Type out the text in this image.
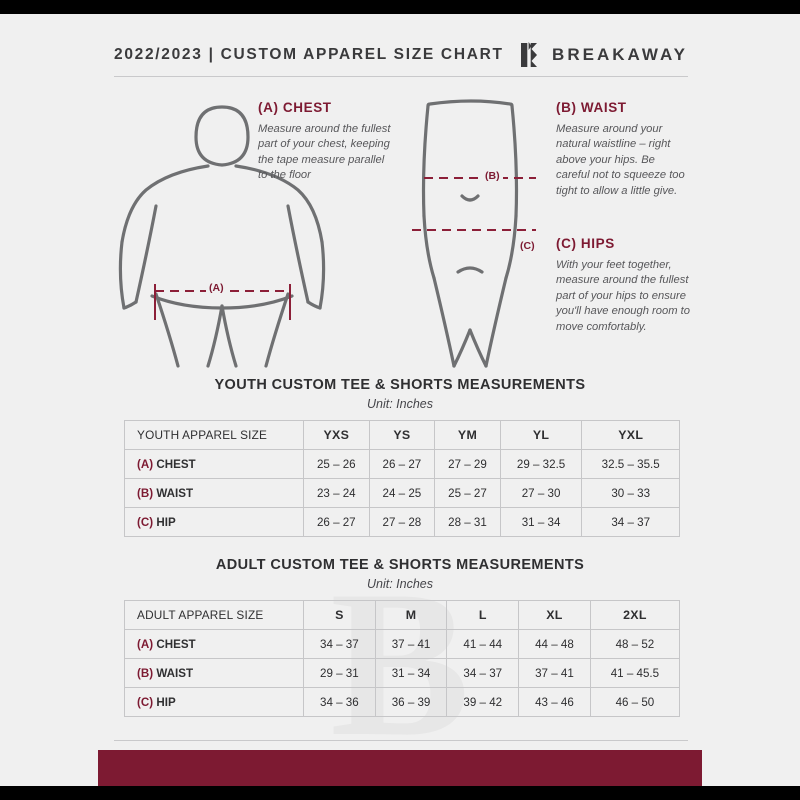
2022/2023 | CUSTOM APPAREL SIZE CHART	BREAKAWAY
(A)
(B)
(C)

(A) CHEST

Measure around the fullest part of your chest, keeping the tape measure parallel to the floor

(B) WAIST

Measure around your natural waistline – right above your hips. Be careful not to squeeze too tight to allow a little give.

(C) HIPS

With your feet together, measure around the fullest part of your hips to ensure you'll have enough room to move comfortably.

YOUTH CUSTOM TEE & SHORTS MEASUREMENTS
Unit: Inches
YOUTH APPAREL SIZE	YXS	YS	YM	YL	YXL
(A) CHEST	25 – 26	26 – 27	27 – 29	29 – 32.5	32.5 – 35.5
(B) WAIST	23 – 24	24 – 25	25 – 27	27 – 30	30 – 33
(C) HIP	26 – 27	27 – 28	28 – 31	31 – 34	34 – 37
ADULT CUSTOM TEE & SHORTS MEASUREMENTS
Unit: Inches
ADULT APPAREL SIZE	S	M	L	XL	2XL
(A) CHEST	34 – 37	37 – 41	41 – 44	44 – 48	48 – 52
(B) WAIST	29 – 31	31 – 34	34 – 37	37 – 41	41 – 45.5
(C) HIP	34 – 36	36 – 39	39 – 42	43 – 46	46 – 50
